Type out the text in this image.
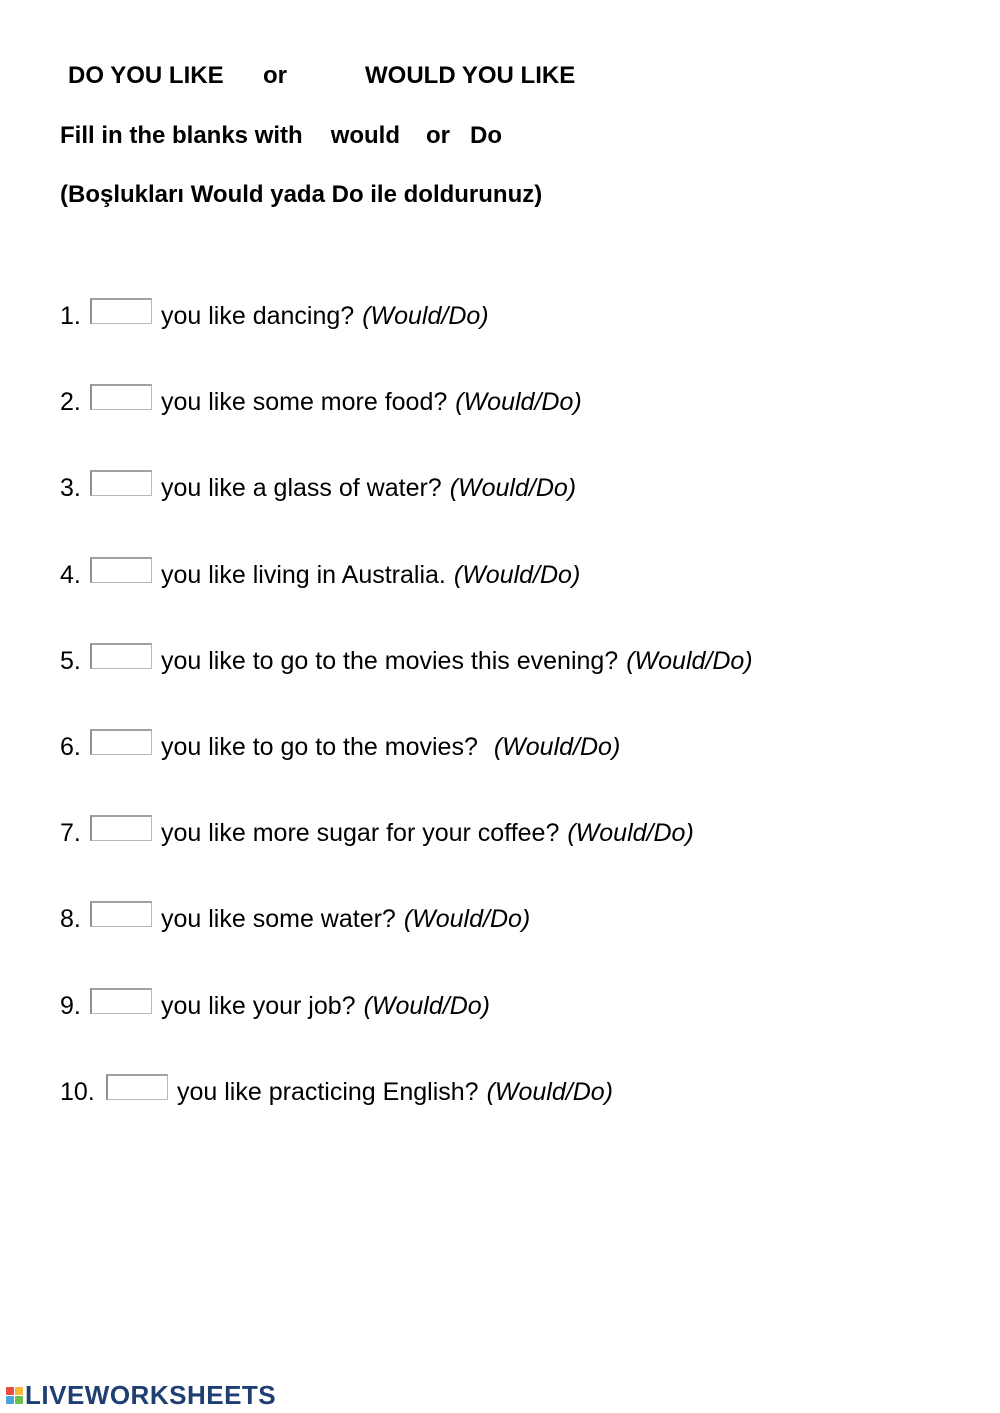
DO YOU LIKE or	WOULD YOU LIKE
Fill in the blanks with would or Do
(Boşlukları Would yada Do ile doldurunuz)
1.	you like dancing? (Would/Do)
2.	you like some more food? (Would/Do)
3.	you like a glass of water? (Would/Do)
4.	you like living in Australia. (Would/Do)
5.	you like to go to the movies this evening? (Would/Do)
6.	you like to go to the movies? (Would/Do)
7.	you like more sugar for your coffee? (Would/Do)
8.	you like some water? (Would/Do)
9.	you like your job? (Would/Do)
10.	you like practicing English? (Would/Do)
LIVEWORKSHEETS
